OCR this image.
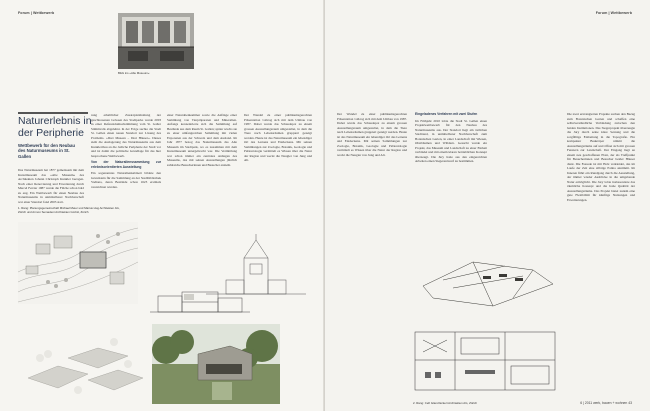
Forum | Wettbewerb
Blick ins »Alte Museum«
Naturerlebnis in
der Peripherie
Wettbewerb für den Neubau des Naturmuseums in St. Gallen

Das Naturmuseum hat 1877 gemeinsam mit dem Kunstmuseum das »Alte Museum« des Architekten Johann Christoph Kunkler bezogen. Nach einer Renovierung und Erweiterung durch Marcel Ferrier 1987 wurde die Fläche schon bald zu eng. Ein Wettbewerb für einen Neubau des Naturmuseums in unmittelbarer Nachbarschaft war einer Standort fand 2003 statt.

rung erhaltlicher Zusatzplatzhaltung der geschlossenen Grössen des Stadtparks wurde 2003 in einer Referendumsabstimmung vom St. Galler Stimmvolk abgelehnt. In der Folge suchte die Stadt St. Gallen einen neuen Standort zur Lösung des Problems. »Drei Museen – Drei Häuser«. Dieses sieht die Auslagerung des Naturmuseums aus dem Kunkleribau an die östliche Peripherie der Stadt vor und ist damit die politische Grundlage für das hier besprochene Wettbewerb.

Von der Naturalienssammlung zur erlebnisorientierten Ausstellung

Ein sogenanntes Naturalienkabinett bildete den Grundstein für die Sammlung an der Stadtbibliothek Vadiana, deren Bestände schon 1623 erstmals verzeichnet wurden.

einer Naturalienkammer sowie die Anfänge einer Sammlung von Tierpräparaten und Mineralien. Anfangs konzentrierte sich die Sammlung auf Bestände aus dem Raum St. Gallen; später wuchs sie zu einer umfangreichen Sammlung mit vielen Exponaten aus der Schweiz und dem Ausland. Im Jahr 1877 bezog das Naturmuseum das Alte Museum im Stadtpark, wo es zusammen mit dem Kunstmuseum untergebracht war. Die Vermittlung war schon immer ein zentrales Anliegen des Museums, das mit seinen Ausstellungen jährlich zahlreiche Besucherinnen und Besucher anzieht.

Der Wandel zu einer publikumsgerechten Präsentation vollzog sich mit dem Umbau von 1987. Dabei wurde das Schaudepot zu einem grossen Ausstellungsraum umgestaltet, in dem die Tiere nach Lebensräumen gruppiert gezeigt werden. Heute ist das Naturmuseum ein lebendiger Ort des Lernens und Entdeckens. Mit seinen Sammlungen zur Zoologie, Botanik, Geologie und Paläontologie vermittelt es Wissen über die Natur der Region und weckt die Neugier von Jung und Alt.

1. Rang: Planungsgemeinschaft Michael Meier und Marius Hug Architekten AG, Zürich und Armon Semadeni Architekten GmbH, Zürich
Forum | Wettbewerb

Der Wandel zu einer publikumsgerechten Präsentation vollzog sich mit dem Umbau von 1987. Dabei wurde das Schaudepot zu einem grossen Ausstellungsraum umgestaltet, in dem die Tiere nach Lebensräumen gruppiert gezeigt werden. Heute ist das Naturmuseum ein lebendiger Ort des Lernens und Entdeckens. Mit seinen Sammlungen zur Zoologie, Botanik, Geologie und Paläontologie vermittelt es Wissen über die Natur der Region und weckt die Neugier von Jung und Alt.

Eingeladenes Verfahren mit zwei Stufen

Im Frühjahr 2010 lobte die Stadt St. Gallen einen Projektwettbewerb für den Neubau des Naturmuseums aus. Der Standort liegt am östlichen Stadtrand, in unmittelbarer Nachbarschaft zum Botanischen Garten, in einer Landschaft mit Wiesen, Obstbäumen und Wäldern. Gesucht wurde ein Projekt, das Museum und Landschaft zu einer Einheit verbindet und mit einem klaren betrieblichen Konzept überzeugt. Die Jury hatte aus den eingereichten Arbeiten einen Siegerentwurf zu bestimmen.

Die zwei erstrangierten Projekte suchen den Bezug zum Botanischen Garten und schaffen eine selbstverständliche Verbindung zwischen den beiden Institutionen. Das Siegerprojekt überzeugte die Jury durch seine klare Setzung und die sorgfältige Einbettung in die Topografie. Ein kompakter Baukörper nimmt die Ausstellungsräume auf und öffnet sich mit grossen Fenstern zur Landschaft. Der Eingang liegt an einem neu geschaffenen Platz, der als Treffpunkt für Besucherinnen und Besucher beider Häuser dient. Die Fassade ist mit Holz verkleidet, das im Laufe der Zeit eine silbrige Patina annimmt. Im Inneren führt ein Rundgang durch die Ausstellung, der immer wieder Ausblicke in die umgebende Natur ermöglicht. Die Jury lobte insbesondere das räumliche Konzept und die hohe Qualität der Ausstellungsräume. Das Projekt bietet zudem eine gute Flexibilität für künftige Nutzungen und Erweiterungen.

2. Rang: Ceft Island Eckert Architekten AG, Zürich	6 | 2011 werk, bauen + wohnen 43
